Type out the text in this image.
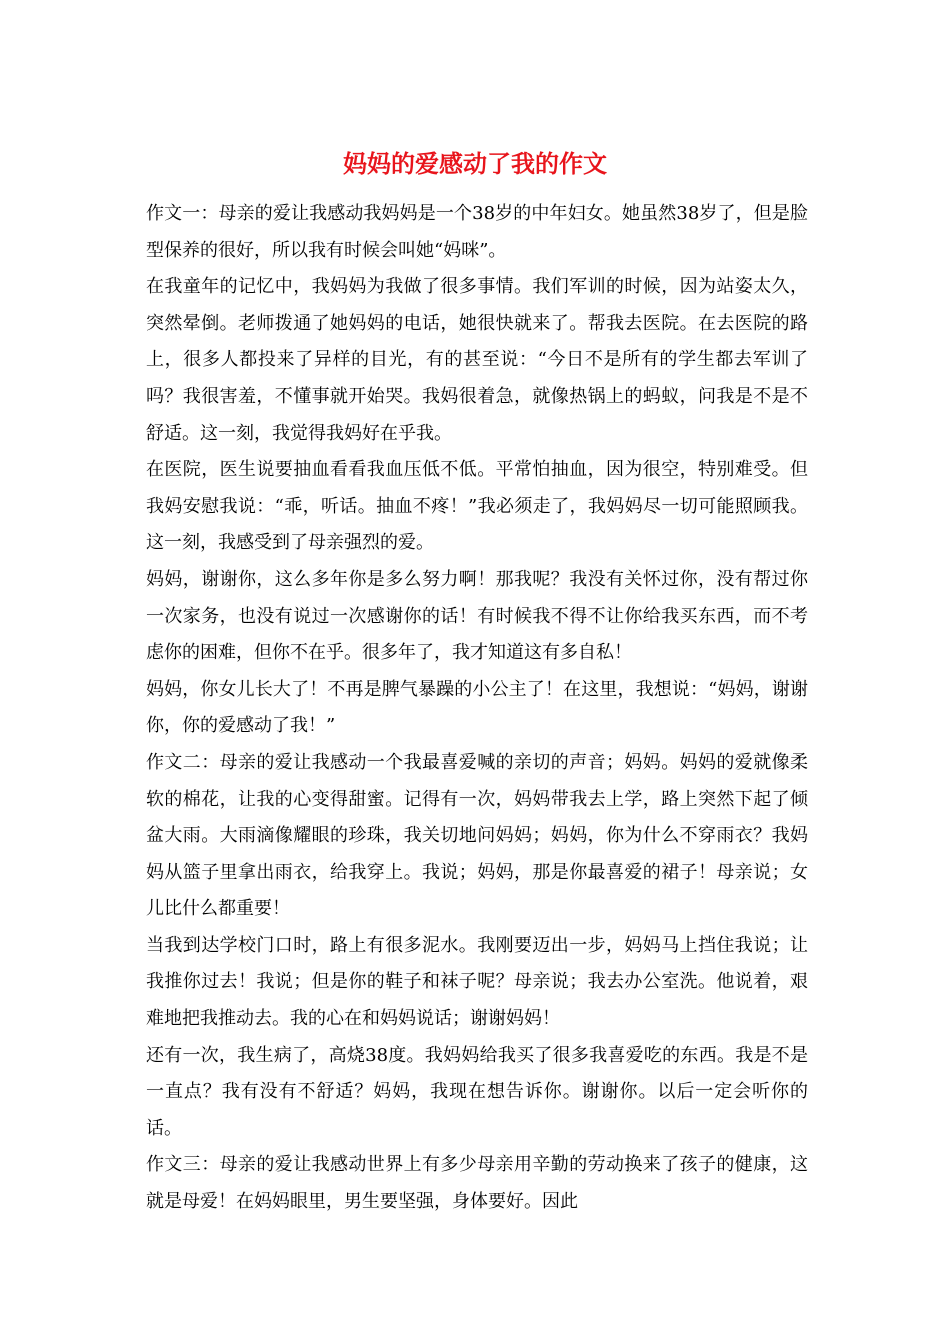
妈妈的爱感动了我的作文

作文一：母亲的爱让我感动我妈妈是一个38岁的中年妇女。她虽然38岁了，但是脸型保养的很好，所以我有时候会叫她“妈咪”。

在我童年的记忆中，我妈妈为我做了很多事情。我们军训的时候，因为站姿太久，突然晕倒。老师拨通了她妈妈的电话，她很快就来了。帮我去医院。在去医院的路上，很多人都投来了异样的目光，有的甚至说：“今日不是所有的学生都去军训了吗？我很害羞，不懂事就开始哭。我妈很着急，就像热锅上的蚂蚁，问我是不是不舒适。这一刻，我觉得我妈好在乎我。

在医院，医生说要抽血看看我血压低不低。平常怕抽血，因为很空，特别难受。但我妈安慰我说：“乖，听话。抽血不疼！”我必须走了，我妈妈尽一切可能照顾我。这一刻，我感受到了母亲强烈的爱。

妈妈，谢谢你，这么多年你是多么努力啊！那我呢？我没有关怀过你，没有帮过你一次家务，也没有说过一次感谢你的话！有时候我不得不让你给我买东西，而不考虑你的困难，但你不在乎。很多年了，我才知道这有多自私！

妈妈，你女儿长大了！不再是脾气暴躁的小公主了！在这里，我想说：“妈妈，谢谢你，你的爱感动了我！”

作文二：母亲的爱让我感动一个我最喜爱喊的亲切的声音；妈妈。妈妈的爱就像柔软的棉花，让我的心变得甜蜜。记得有一次，妈妈带我去上学，路上突然下起了倾盆大雨。大雨滴像耀眼的珍珠，我关切地问妈妈；妈妈，你为什么不穿雨衣？我妈妈从篮子里拿出雨衣，给我穿上。我说；妈妈，那是你最喜爱的裙子！母亲说；女儿比什么都重要！

当我到达学校门口时，路上有很多泥水。我刚要迈出一步，妈妈马上挡住我说；让我推你过去！我说；但是你的鞋子和袜子呢？母亲说；我去办公室洗。他说着，艰难地把我推动去。我的心在和妈妈说话；谢谢妈妈！

还有一次，我生病了，高烧38度。我妈妈给我买了很多我喜爱吃的东西。我是不是一直点？我有没有不舒适？妈妈，我现在想告诉你。谢谢你。以后一定会听你的话。

作文三：母亲的爱让我感动世界上有多少母亲用辛勤的劳动换来了孩子的健康，这就是母爱！在妈妈眼里，男生要坚强，身体要好。因此
